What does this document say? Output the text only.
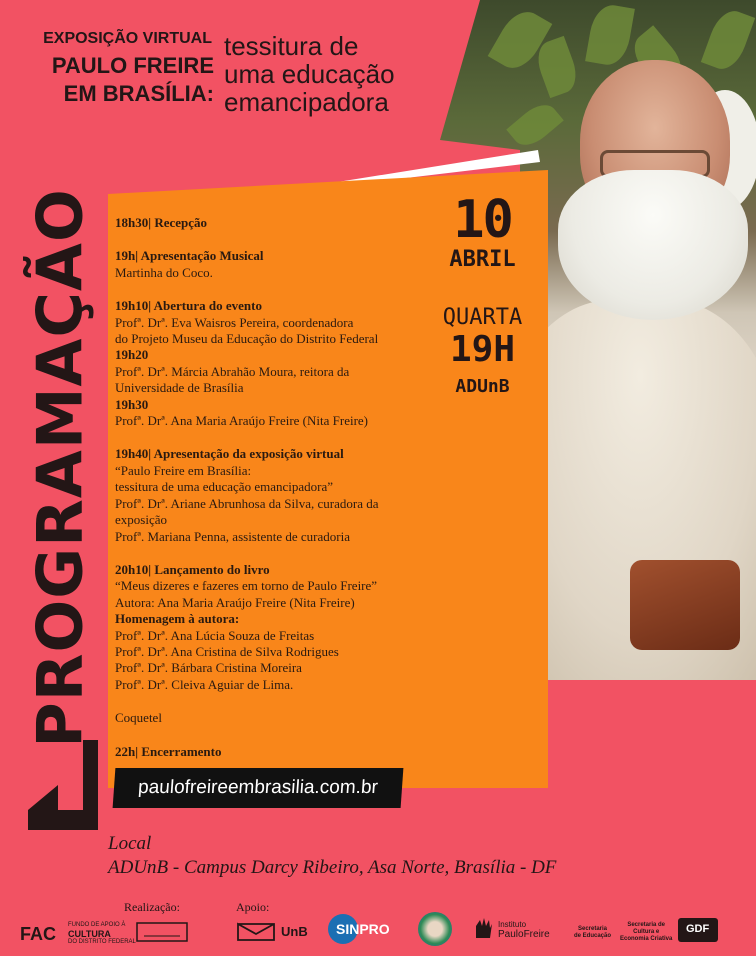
EXPOSIÇÃO VIRTUAL
PAULO FREIRE
EM BRASÍLIA:
tessitura de
uma educação
emancipadora
PROGRAMAÇÃO 18h30| Recepção
19h| Apresentação Musical
Martinha do Coco.
19h10| Abertura do evento
Profª. Drª. Eva Waisros Pereira, coordenadora
do Projeto Museu da Educação do Distrito Federal
19h20
Profª. Drª. Márcia Abrahão Moura, reitora da
Universidade de Brasília
19h30
Profª. Drª. Ana Maria Araújo Freire (Nita Freire)
19h40| Apresentação da exposição virtual
“Paulo Freire em Brasília:
tessitura de uma educação emancipadora”
Profª. Drª. Ariane Abrunhosa da Silva, curadora da
exposição
Profª. Mariana Penna, assistente de curadoria
20h10| Lançamento do livro
“Meus dizeres e fazeres em torno de Paulo Freire”
Autora: Ana Maria Araújo Freire (Nita Freire)
Homenagem à autora:
Profª. Drª. Ana Lúcia Souza de Freitas
Profª. Drª. Ana Cristina de Silva Rodrigues
Profª. Drª. Bárbara Cristina Moreira
Profª. Drª. Cleiva Aguiar de Lima.
Coquetel
22h| Encerramento
10
ABRIL
QUARTA
19H
ADUnB
paulofreireembrasilia.com.br
Local
ADUnB - Campus Darcy Ribeiro, Asa Norte, Brasília - DF
Realização:	Apoio:
FAC FUNDO DE APOIO À
CULTURA
DO DISTRITO FEDERAL
UnB SINPRO	Instituto
PauloFreire	Secretaria
de Educação
Secretaria de
Cultura e
Economia Criativa
GDF
